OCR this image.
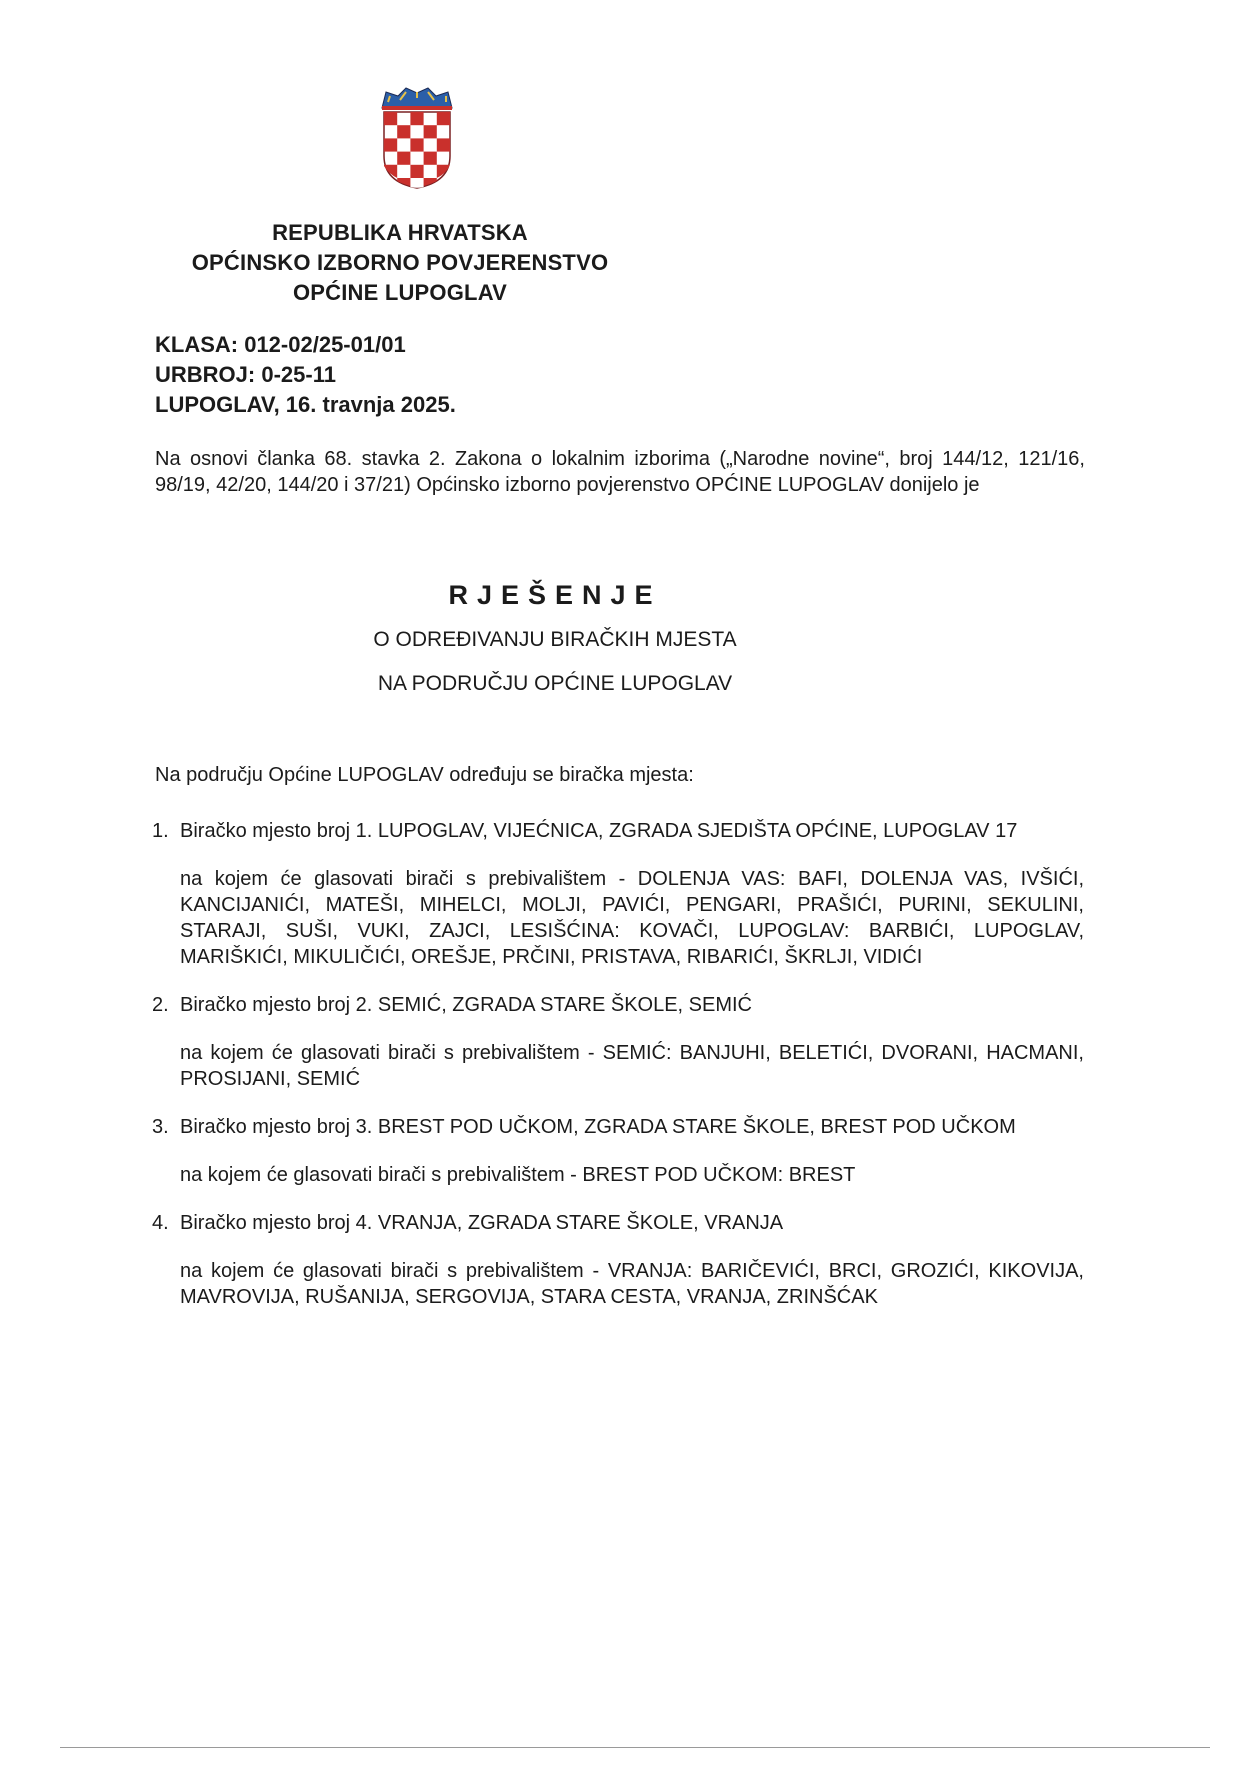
REPUBLIKA HRVATSKA
OPĆINSKO IZBORNO POVJERENSTVO
OPĆINE LUPOGLAV
KLASA: 012-02/25-01/01
URBROJ: 0-25-11
LUPOGLAV, 16. travnja 2025.
Na osnovi članka 68. stavka 2. Zakona o lokalnim izborima („Narodne novine“, broj 144/12, 121/16, 98/19, 42/20, 144/20 i 37/21) Općinsko izborno povjerenstvo OPĆINE LUPOGLAV donijelo je
RJEŠENJE
O ODREĐIVANJU BIRAČKIH MJESTA
NA PODRUČJU OPĆINE LUPOGLAV
Na području Općine LUPOGLAV određuju se biračka mjesta:
1. Biračko mjesto broj 1. LUPOGLAV, VIJEĆNICA, ZGRADA SJEDIŠTA OPĆINE, LUPOGLAV 17
na kojem će glasovati birači s prebivalištem - DOLENJA VAS: BAFI, DOLENJA VAS, IVŠIĆI, KANCIJANIĆI, MATEŠI, MIHELCI, MOLJI, PAVIĆI, PENGARI, PRAŠIĆI, PURINI, SEKULINI, STARAJI, SUŠI, VUKI, ZAJCI, LESIŠĆINA: KOVAČI, LUPOGLAV: BARBIĆI, LUPOGLAV, MARIŠKIĆI, MIKULIČIĆI, OREŠJE, PRČINI, PRISTAVA, RIBARIĆI, ŠKRLJI, VIDIĆI
2. Biračko mjesto broj 2. SEMIĆ, ZGRADA STARE ŠKOLE, SEMIĆ
na kojem će glasovati birači s prebivalištem - SEMIĆ: BANJUHI, BELETIĆI, DVORANI, HACMANI, PROSIJANI, SEMIĆ
3. Biračko mjesto broj 3. BREST POD UČKOM, ZGRADA STARE ŠKOLE, BREST POD UČKOM
na kojem će glasovati birači s prebivalištem - BREST POD UČKOM: BREST
4. Biračko mjesto broj 4. VRANJA, ZGRADA STARE ŠKOLE, VRANJA
na kojem će glasovati birači s prebivalištem - VRANJA: BARIČEVIĆI, BRCI, GROZIĆI, KIKOVIJA, MAVROVIJA, RUŠANIJA, SERGOVIJA, STARA CESTA, VRANJA, ZRINŠĆAK
